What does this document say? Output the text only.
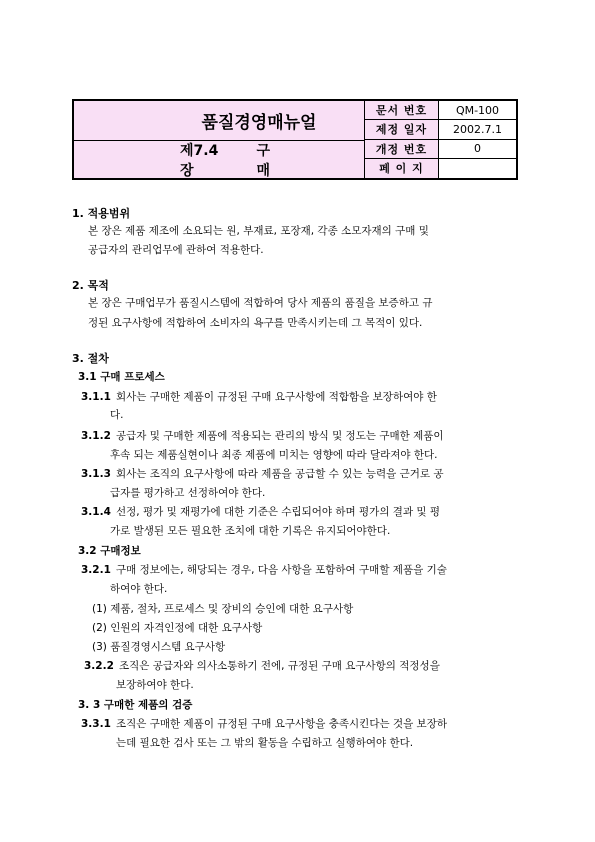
품질경영매뉴얼
제7.4장
구매
문서 번호	QM-100
제정 일자	2002.7.1
개정 번호	0
페 이 지
1. 적용범위
본 장은 제품 제조에 소요되는 원, 부재료, 포장재, 각종 소모자재의 구매 및
공급자의 관리업무에 관하여 적용한다.
2. 목적
본 장은 구매업무가 품질시스템에 적합하여 당사 제품의 품질을 보증하고 규
정된 요구사항에 적합하여 소비자의 욕구를 만족시키는데 그 목적이 있다.
3. 절차
3.1 구매 프로세스
3.1.1 회사는 구매한 제품이 규정된 구매 요구사항에 적합함을 보장하여야 한
다.
3.1.2 공급자 및 구매한 제품에 적용되는 관리의 방식 및 정도는 구매한 제품이
후속 되는 제품실현이나 최종 제품에 미치는 영향에 따라 달라져야 한다.
3.1.3 회사는 조직의 요구사항에 따라 제품을 공급할 수 있는 능력을 근거로 공
급자를 평가하고 선정하여야 한다.
3.1.4 선정, 평가 및 재평가에 대한 기준은 수립되어야 하며 평가의 결과 및 평
가로 발생된 모든 필요한 조치에 대한 기록은 유지되어야한다.
3.2 구매정보
3.2.1 구매 정보에는, 해당되는 경우, 다음 사항을 포함하여 구매할 제품을 기술
하여야 한다.
(1) 제품, 절차, 프로세스 및 장비의 승인에 대한 요구사항
(2) 인원의 자격인정에 대한 요구사항
(3) 품질경영시스템 요구사항
3.2.2 조직은 공급자와 의사소통하기 전에, 규정된 구매 요구사항의 적정성을
보장하여야 한다.
3. 3 구매한 제품의 검증
3.3.1 조직은 구매한 제품이 규정된 구매 요구사항을 충족시킨다는 것을 보장하
는데 필요한 검사 또는 그 밖의 활동을 수립하고 실행하여야 한다.
